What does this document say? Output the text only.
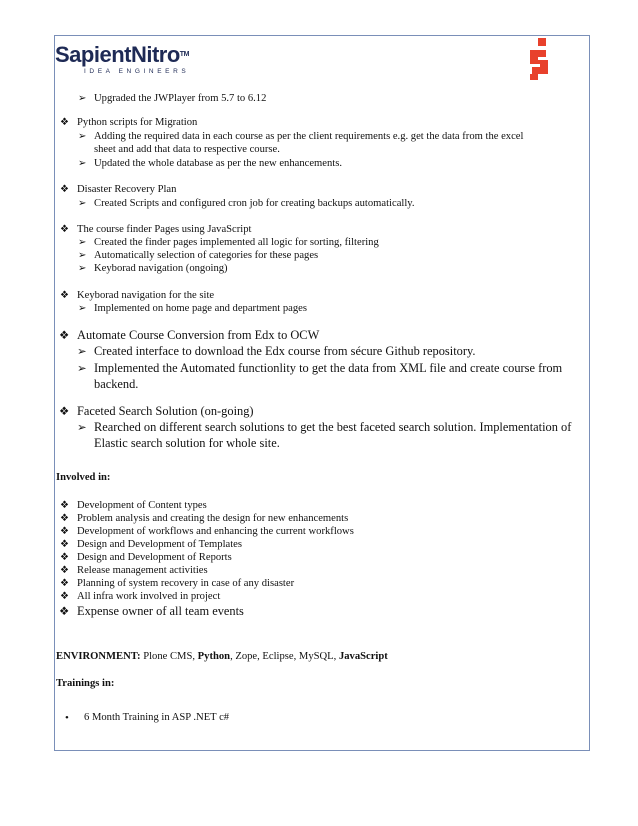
SapientNitro™
IDEA ENGINEERS
➢ Upgraded the JWPlayer from 5.7 to 6.12
❖ Python scripts for Migration
➢ Adding the required data in each course as per the client requirements e.g. get the data from the excel
sheet and add that data to respective course.
➢ Updated the whole database as per the new enhancements.
❖ Disaster Recovery Plan
➢ Created Scripts and configured cron job for creating backups automatically.
❖ The course finder Pages using JavaScript
➢ Created the finder pages implemented all logic for sorting, filtering
➢ Automatically selection of categories for these pages
➢ Keyborad navigation (ongoing)
❖ Keyborad navigation for the site
➢ Implemented on home page and department pages
❖ Automate Course Conversion from Edx to OCW
➢ Created interface to download the Edx course from sécure Github repository.
➢ Implemented the Automated functionlity to get the data from XML file and create course from
backend.
❖ Faceted Search Solution (on-going)
➢ Rearched on different search solutions to get the best faceted search solution. Implementation of
Elastic search solution for whole site.
Involved in:
❖ Development of Content types
❖ Problem analysis and creating the design for new enhancements
❖ Development of workflows and enhancing the current workflows
❖ Design and Development of Templates
❖ Design and Development of Reports
❖ Release management activities
❖ Planning of system recovery in case of any disaster
❖ All infra work involved in project
❖ Expense owner of all team events
ENVIRONMENT: Plone CMS, Python, Zope, Eclipse, MySQL, JavaScript
Trainings in:
• 6 Month Training in ASP .NET c#
